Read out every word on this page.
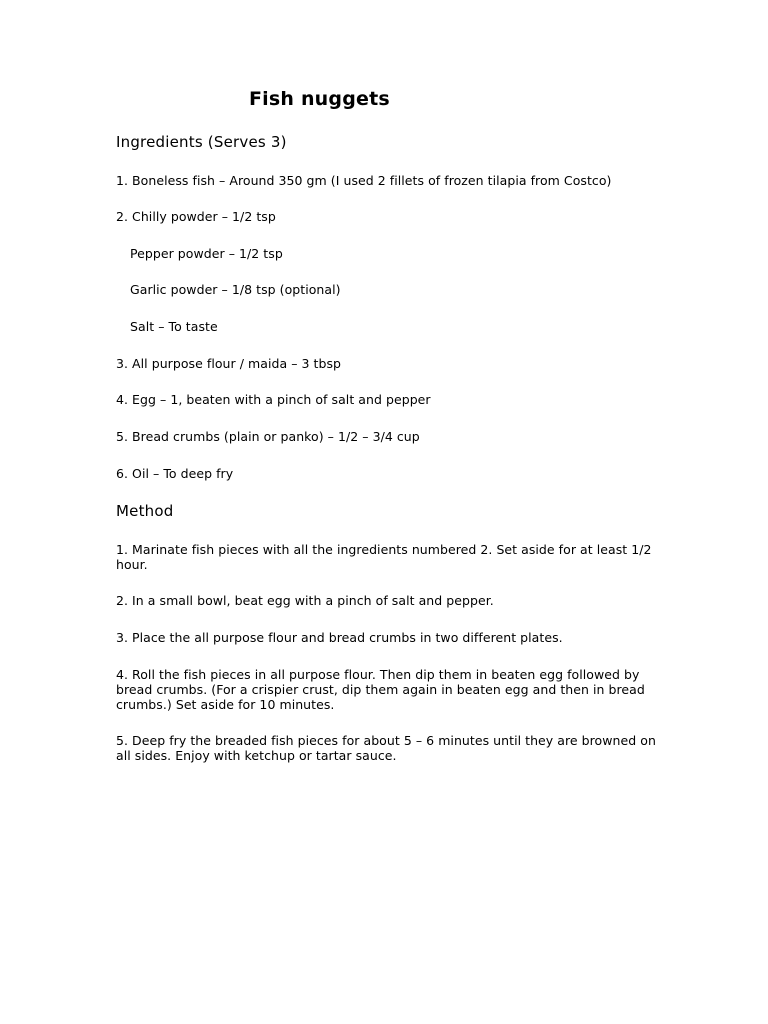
Fish nuggets
Ingredients (Serves 3)

1. Boneless fish – Around 350 gm (I used 2 fillets of frozen tilapia from Costco)

2. Chilly powder – 1/2 tsp

Pepper powder – 1/2 tsp

Garlic powder – 1/8 tsp (optional)

Salt – To taste

3. All purpose flour / maida – 3 tbsp

4. Egg – 1, beaten with a pinch of salt and pepper

5. Bread crumbs (plain or panko) – 1/2 – 3/4 cup

6. Oil – To deep fry

Method

1. Marinate fish pieces with all the ingredients numbered 2. Set aside for at least 1/2 hour.

2. In a small bowl, beat egg with a pinch of salt and pepper.

3. Place the all purpose flour and bread crumbs in two different plates.

4. Roll the fish pieces in all purpose flour. Then dip them in beaten egg followed by bread crumbs. (For a crispier crust, dip them again in beaten egg and then in bread crumbs.) Set aside for 10 minutes.

5. Deep fry the breaded fish pieces for about 5 – 6 minutes until they are browned on all sides. Enjoy with ketchup or tartar sauce.
